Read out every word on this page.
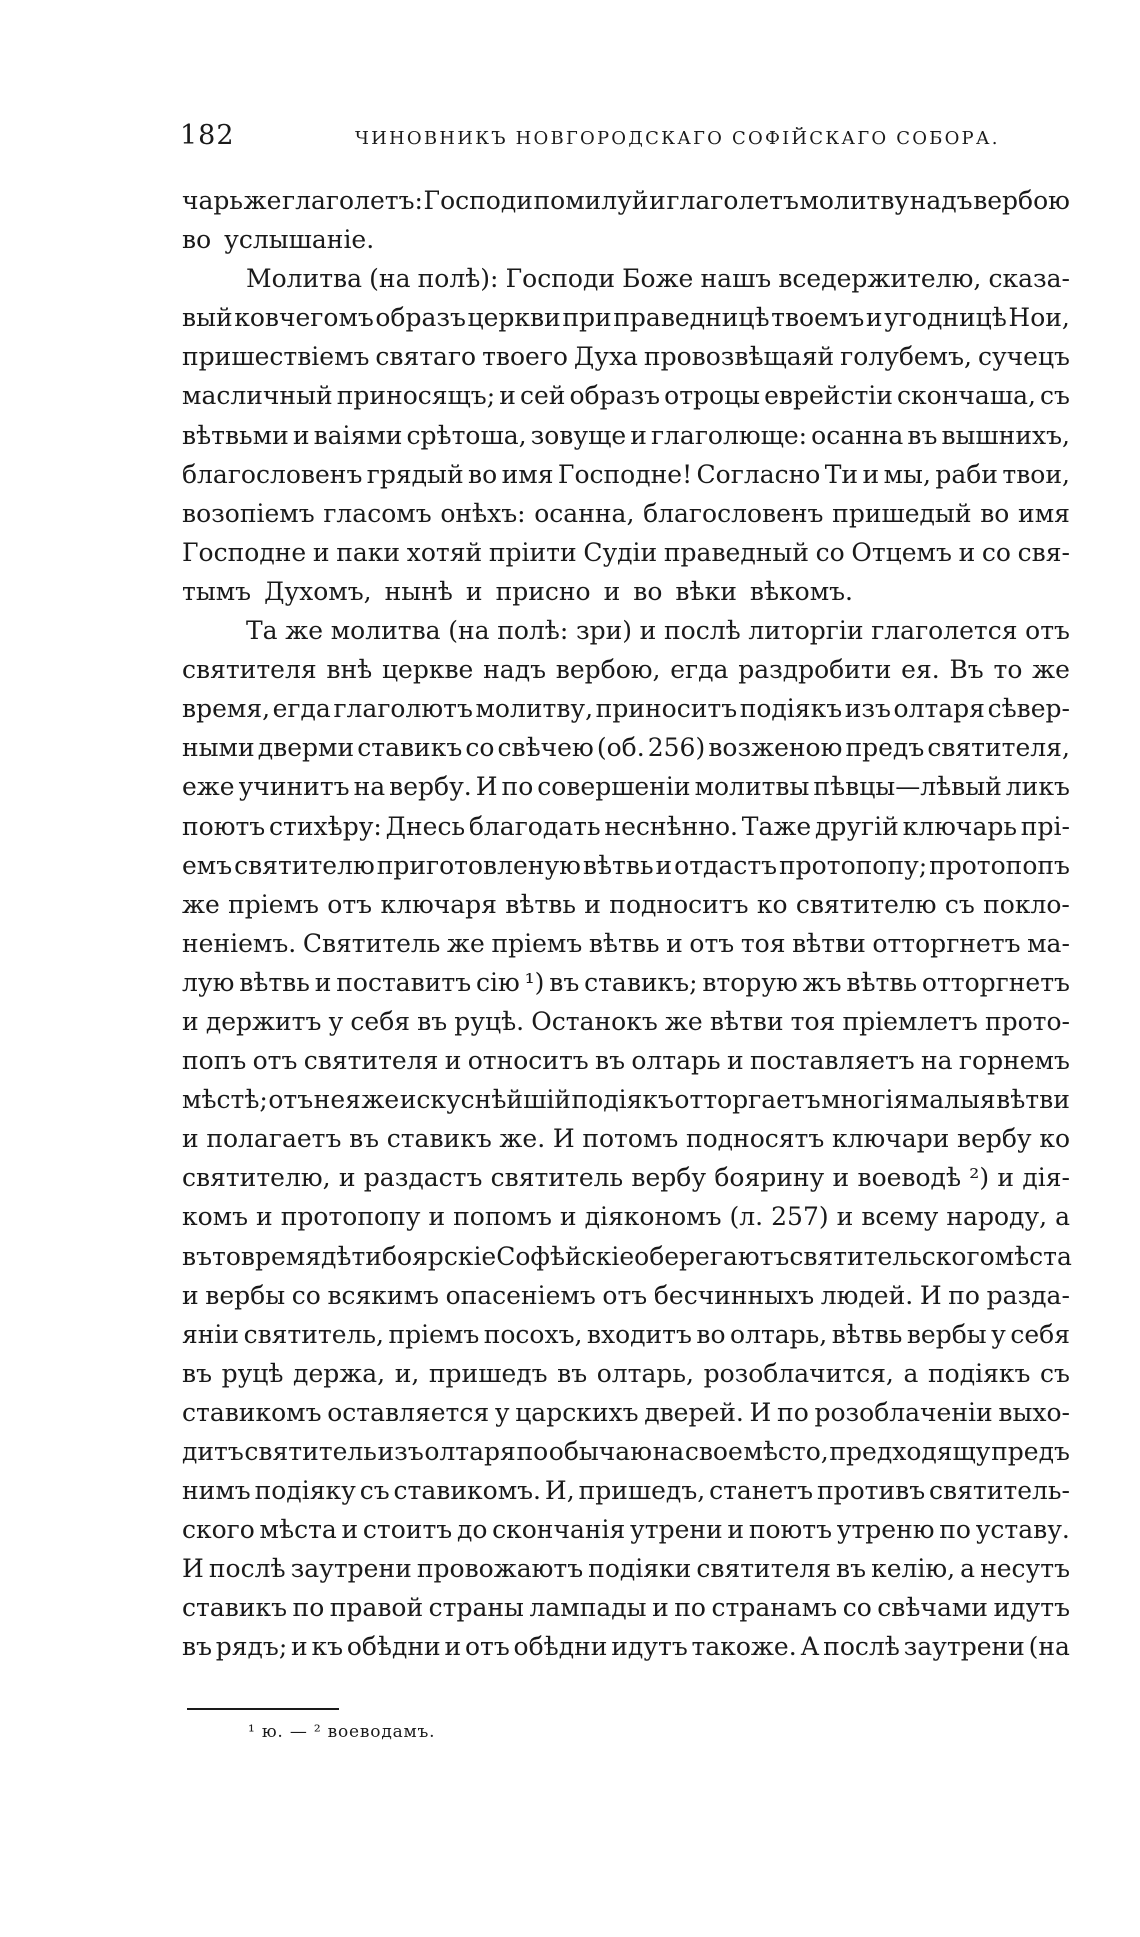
182	ЧИНОВНИКЪ НОВГОРОДСКАГО СОФІЙСКАГО СОБОРА.
чарь же глаголетъ: Господи помилуй и глаголетъ молитву надъ вербою
во услышаніе.
Молитва (на полѣ): Господи Боже нашъ вседержителю, сказа-
вый ковчегомъ образъ церкви при праведницѣ твоемъ и угодницѣ Нои,
пришествіемъ святаго твоего Духа провозвѣщаяй голубемъ, сучецъ
масличный приносящъ; и сей образъ отроцы еврейстіи скончаша, съ
вѣтвьми и ваіями срѣтоша, зовуще и глаголюще: осанна въ вышнихъ,
благословенъ грядый во имя Господне! Согласно Ти и мы, раби твои,
возопіемъ гласомъ онѣхъ: осанна, благословенъ пришедый во имя
Господне и паки хотяй пріити Судіи праведный со Отцемъ и со свя-
тымъ Духомъ, нынѣ и присно и во вѣки вѣкомъ.
Та же молитва (на полѣ: зри) и послѣ литоргіи глаголется отъ
святителя внѣ церкве надъ вербою, егда раздробити ея. Въ то же
время, егда глаголютъ молитву, приноситъ подіякъ изъ олтаря сѣвер-
ными дверми ставикъ со свѣчею (об. 256) возженою предъ святителя,
еже учинитъ на вербу. И по совершеніи молитвы пѣвцы—лѣвый ликъ
поютъ стихѣру: Днесь благодать неснѣнно. Таже другій ключарь прі-
емъ святителю приготовленую вѣтвь и отдастъ протопопу; протопопъ
же пріемъ отъ ключаря вѣтвь и подноситъ ко святителю съ покло-
неніемъ. Святитель же пріемъ вѣтвь и отъ тоя вѣтви отторгнетъ ма-
лую вѣтвь и поставитъ сію ¹) въ ставикъ; вторую жъ вѣтвь отторгнетъ
и держитъ у себя въ руцѣ. Останокъ же вѣтви тоя пріемлетъ прото-
попъ отъ святителя и относитъ въ олтарь и поставляетъ на горнемъ
мѣстѣ; отъ нея же искуснѣйшій подіякъ отторгаетъ многія малыя вѣтви
и полагаетъ въ ставикъ же. И потомъ подносятъ ключари вербу ко
святителю, и раздастъ святитель вербу боярину и воеводѣ ²) и дія-
комъ и протопопу и попомъ и діякономъ (л. 257) и всему народу, а
въ то время дѣти боярскіе Софѣйскіе оберегаютъ святительского мѣста
и вербы со всякимъ опасеніемъ отъ бесчинныхъ людей. И по разда-
яніи святитель, пріемъ посохъ, входитъ во олтарь, вѣтвь вербы у себя
въ руцѣ держа, и, пришедъ въ олтарь, розоблачится, а подіякъ съ
ставикомъ оставляется у царскихъ дверей. И по розоблаченіи выхо-
дитъ святитель изъ олтаря по обычаю на свое мѣсто, предходящу предъ
нимъ подіяку съ ставикомъ. И, пришедъ, станетъ противъ святитель-
ского мѣста и стоитъ до скончанія утрени и поютъ утреню по уставу.
И послѣ заутрени провожаютъ подіяки святителя въ келію, а несутъ
ставикъ по правой страны лампады и по странамъ со свѣчами идутъ
въ рядъ; и къ обѣдни и отъ обѣдни идутъ такоже. А послѣ заутрени (на
¹ ю. — ² воеводамъ.
